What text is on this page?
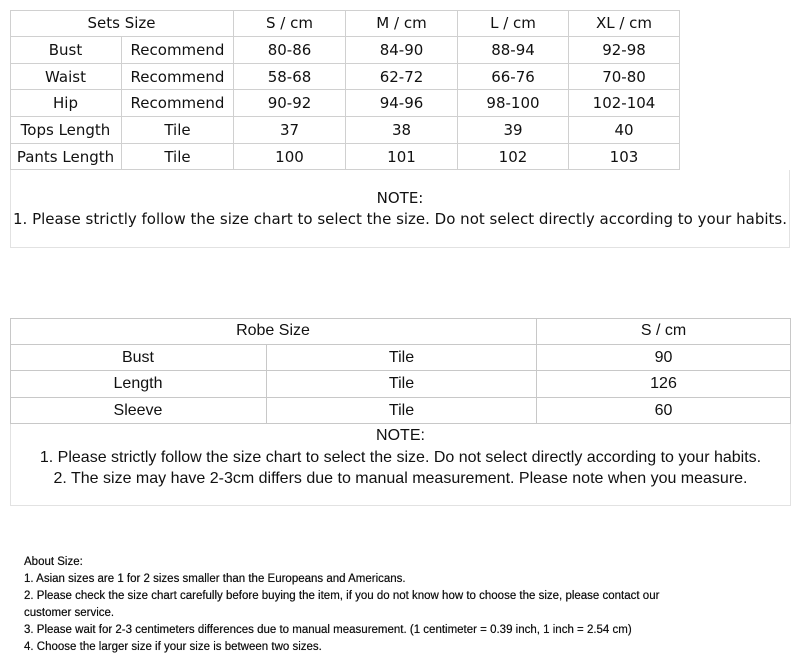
Sets Size	S / cm	M / cm	L / cm	XL / cm
Bust	Recommend	80-86	84-90	88-94	92-98
Waist	Recommend	58-68	62-72	66-76	70-80
Hip	Recommend	90-92	94-96	98-100	102-104
Tops Length	Tile	37	38	39	40
Pants Length	Tile	100	101	102	103
NOTE:
1. Please strictly follow the size chart to select the size. Do not select directly according to your habits.
Robe Size	S / cm
Bust	Tile	90
Length	Tile	126
Sleeve	Tile	60
NOTE:
1. Please strictly follow the size chart to select the size. Do not select directly according to your habits.
2. The size may have 2-3cm differs due to manual measurement. Please note when you measure.

About Size:

1. Asian sizes are 1 for 2 sizes smaller than the Europeans and Americans.

2. Please check the size chart carefully before buying the item, if you do not know how to choose the size, please contact our

customer service.

3. Please wait for 2-3 centimeters differences due to manual measurement. (1 centimeter = 0.39 inch, 1 inch = 2.54 cm)

4. Choose the larger size if your size is between two sizes.
